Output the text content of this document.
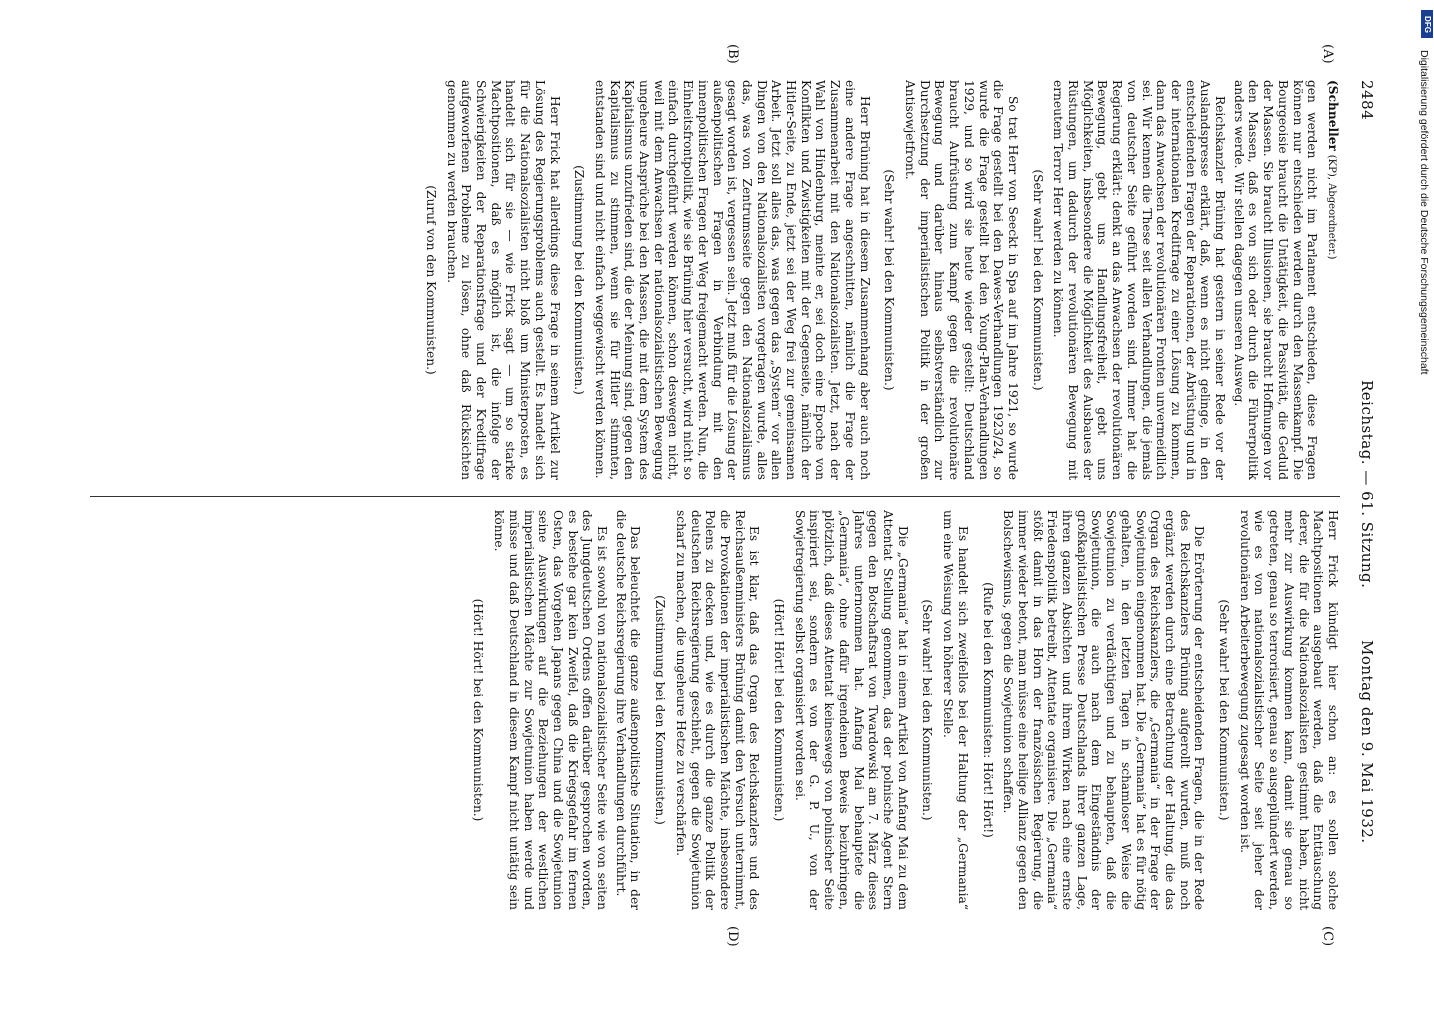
2484
Reichstag. — 61. Sitzung.
Montag den 9. Mai 1932.

(Schneller (KP), Abgeordneter.)

gen werden nicht im Parlament entschieden, diese Fragen können nur entschieden werden durch den Massenkampf. Die Bourgeoisie braucht die Untätigkeit, die Passivität, die Geduld der Massen. Sie braucht Illusionen, sie braucht Hoffnungen vor den Massen, daß es von sich oder durch die Führerpolitik anders werde. Wir stellen dagegen unseren Ausweg.

Reichskanzler Brüning hat gestern in seiner Rede vor der Auslandspresse erklärt, daß, wenn es nicht gelinge, in den entscheidenden Fragen der Reparationen, der Abrüstung und in der internationalen Kreditfrage zu einer Lösung zu kommen, dann das Anwachsen der revolutionären Fronten unvermeidlich sei. Wir kennen die These seit allen Verhandlungen, die jemals von deutscher Seite geführt worden sind. Immer hat die Regierung erklärt: denkt an das Anwachsen der revolutionären Bewegung, gebt uns Handlungsfreiheit, gebt uns Möglichkeiten, insbesondere die Möglichkeit des Ausbaues der Rüstungen, um dadurch der revolutionären Bewegung mit erneutem Terror Herr werden zu können.

(Sehr wahr! bei den Kommunisten.)

So trat Herr von Seeckt in Spa auf im Jahre 1921, so wurde die Frage gestellt bei den Dawes-Verhandlungen 1923/24, so wurde die Frage gestellt bei den Young-Plan-Verhandlungen 1929, und so wird sie heute wieder gestellt: Deutschland braucht Aufrüstung zum Kampf gegen die revolutionäre Bewegung und darüber hinaus selbstverständlich zur Durchsetzung der imperialistischen Politik in der großen Antisowjetfront.

(Sehr wahr! bei den Kommunisten.)

Herr Brüning hat in diesem Zusammenhang aber auch noch eine andere Frage angeschnitten, nämlich die Frage der Zusammenarbeit mit den Nationalsozialisten. Jetzt, nach der Wahl von Hindenburg, meinte er, sei doch eine Epoche von Konflikten und Zwistigkeiten mit der Gegenseite, nämlich der Hitler-Seite, zu Ende, jetzt sei der Weg frei zur gemeinsamen Arbeit. Jetzt soll alles das, was gegen das „System“ vor allen Dingen von den Nationalsozialisten vorgetragen wurde, alles das, was von Zentrumsseite gegen den Nationalsozialismus gesagt worden ist, vergessen sein. Jetzt muß für die Lösung der außenpolitischen Fragen in Verbindung mit den innenpolitischen Fragen der Weg freigemacht werden. Nun, die Einheitsfrontpolitik, wie sie Brüning hier versucht, wird nicht so einfach durchgeführt werden können, schon deswegen nicht, weil mit dem Anwachsen der nationalsozialistischen Bewegung ungeheure Ansprüche bei den Massen, die mit dem System des Kapitalismus unzufrieden sind, die der Meinung sind, gegen den Kapitalismus zu stimmen, wenn sie für Hitler stimmten, entstanden sind und nicht einfach weggewischt werden können.

(Zustimmung bei den Kommunisten.)

Herr Frick hat allerdings diese Frage in seinem Artikel zur Lösung des Regierungsproblems auch gestellt. Es handelt sich für die Nationalsozialisten nicht bloß um Ministerposten, es handelt sich für sie — wie Frick sagt — um so starke Machtpositionen, daß es möglich ist, die infolge der Schwierigkeiten der Reparationsfrage und der Kreditfrage aufgeworfenen Probleme zu lösen, ohne daß Rücksichten genommen zu werden brauchen.

(Zuruf von den Kommunisten.)

Herr Frick kündigt hier schon an: es sollen solche Machtpositionen ausgebaut werden, daß die Enttäuschung derer, die für die Nationalsozialisten gestimmt haben, nicht mehr zur Auswirkung kommen kann, damit sie genau so getreten, genau so terrorisiert, genau so ausgeplündert werden, wie es von nationalsozialistischer Seite seit jeher der revolutionären Arbeiterbewegung zugesagt worden ist.

(Sehr wahr! bei den Kommunisten.)

Die Erörterung der entscheidenden Fragen, die in der Rede des Reichskanzlers Brüning aufgerollt wurden, muß noch ergänzt werden durch eine Betrachtung der Haltung, die das Organ des Reichskanzlers, die „Germania“ in der Frage der Sowjetunion eingenommen hat. Die „Germania“ hat es für nötig gehalten, in den letzten Tagen in schamloser Weise die Sowjetunion zu verdächtigen und zu behaupten, daß die Sowjetunion, die auch nach dem Eingeständnis der großkapitalistischen Presse Deutschlands ihrer ganzen Lage, ihren ganzen Absichten und ihrem Wirken nach eine ernste Friedenspolitik betreibt, Attentate organisiere. Die „Germania“ stößt damit in das Horn der französischen Regierung, die immer wieder betont, man müsse eine heilige Allianz gegen den Bolschewismus, gegen die Sowjetunion schaffen.

(Rufe bei den Kommunisten: Hört! Hört!)

Es handelt sich zweifellos bei der Haltung der „Germania“ um eine Weisung von höherer Stelle.

(Sehr wahr! bei den Kommunisten.)

Die „Germania“ hat in einem Artikel von Anfang Mai zu dem Attentat Stellung genommen, das der polnische Agent Stern gegen den Botschaftsrat von Twardowski am 7. März dieses Jahres unternommen hat. Anfang Mai behauptete die „Germania“, ohne dafür irgendeinen Beweis beizubringen, plötzlich, daß dieses Attentat keineswegs von polnischer Seite inspiriert sei, sondern es von der G. P. U., von der Sowjetregierung selbst organisiert worden sei.

(Hört! Hört! bei den Kommunisten.)

Es ist klar, daß das Organ des Reichskanzlers und des Reichsaußenministers Brüning damit den Versuch unternimmt, die Provokationen der imperialistischen Mächte, insbesondere Polens zu decken und, wie es durch die ganze Politik der deutschen Reichsregierung geschieht, gegen die Sowjetunion scharf zu machen, die ungeheure Hetze zu verschärfen.

(Zustimmung bei den Kommunisten.)

Das beleuchtet die ganze außenpolitische Situation, in der die deutsche Reichsregierung ihre Verhandlungen durchführt.

Es ist sowohl von nationalsozialistischer Seite wie von seiten des Jungdeutschen Ordens offen darüber gesprochen worden, es bestehe gar kein Zweifel, daß die Kriegsgefahr im fernen Osten, das Vorgehen Japans gegen China und die Sowjetunion seine Auswirkungen auf die Beziehungen der westlichen imperialistischen Mächte zur Sowjetunion haben werde und müsse und daß Deutschland in diesem Kampf nicht untätig sein könne.

(Hört! Hört! bei den Kommunisten.)

(A)
(B)
(C)
(D)
DFG
Digitalisierung gefördert durch die Deutsche Forschungsgemeinschaft
